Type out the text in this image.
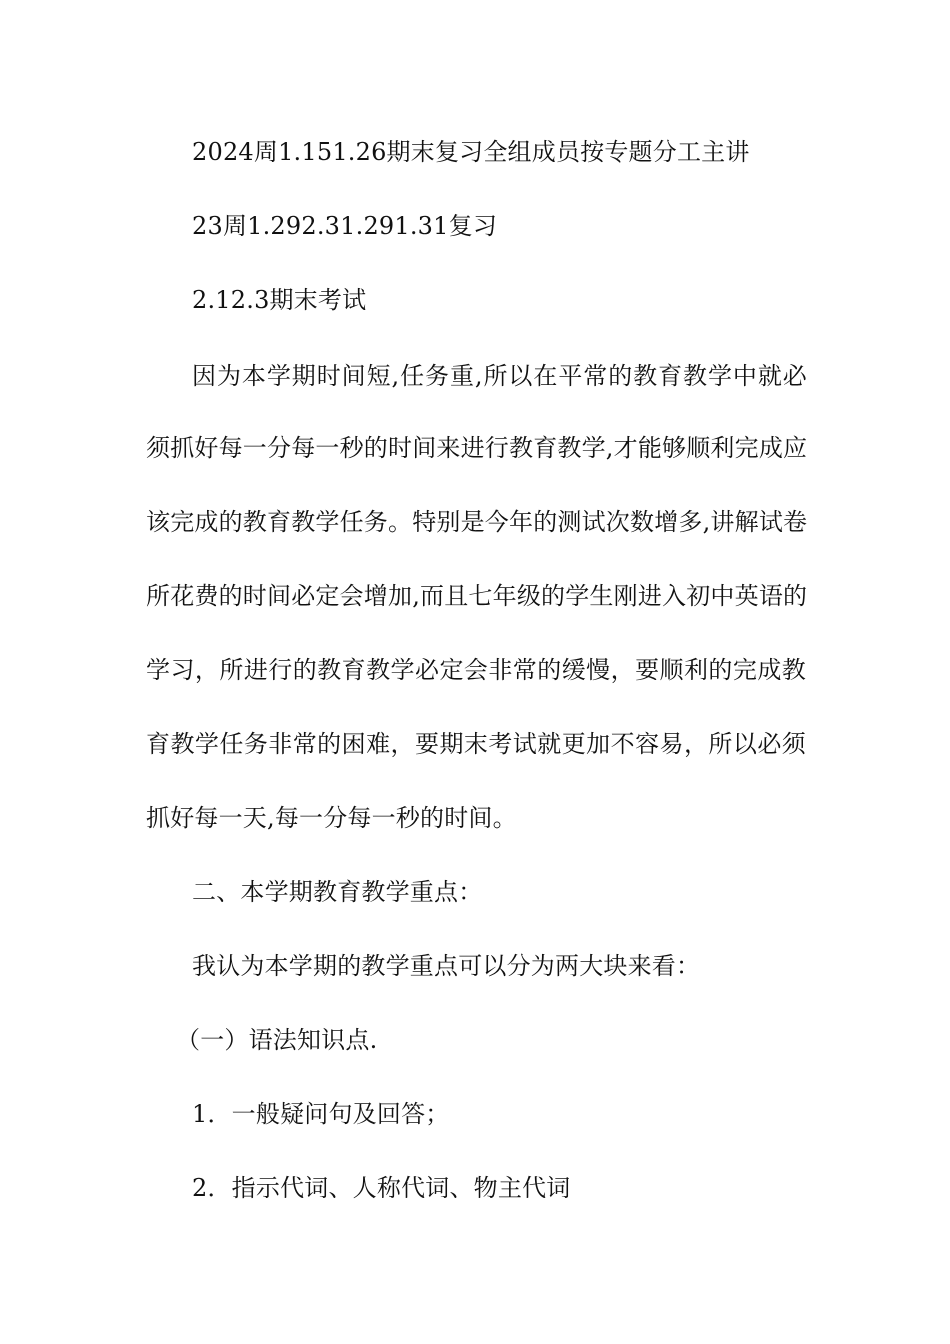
2024周1.151.26期末复习全组成员按专题分工主讲
23周1.292.31.291.31复习
2.12.3期末考试
因为本学期时间短,任务重,所以在平常的教育教学中就必
须抓好每一分每一秒的时间来进行教育教学,才能够顺利完成应
该完成的教育教学任务。特别是今年的测试次数增多,讲解试卷
所花费的时间必定会增加,而且七年级的学生刚进入初中英语的
学习，所进行的教育教学必定会非常的缓慢，要顺利的完成教
育教学任务非常的困难，要期末考试就更加不容易，所以必须
抓好每一天,每一分每一秒的时间。
二、本学期教育教学重点：
我认为本学期的教学重点可以分为两大块来看：
（一）语法知识点.
1．一般疑问句及回答；
2．指示代词、人称代词、物主代词
